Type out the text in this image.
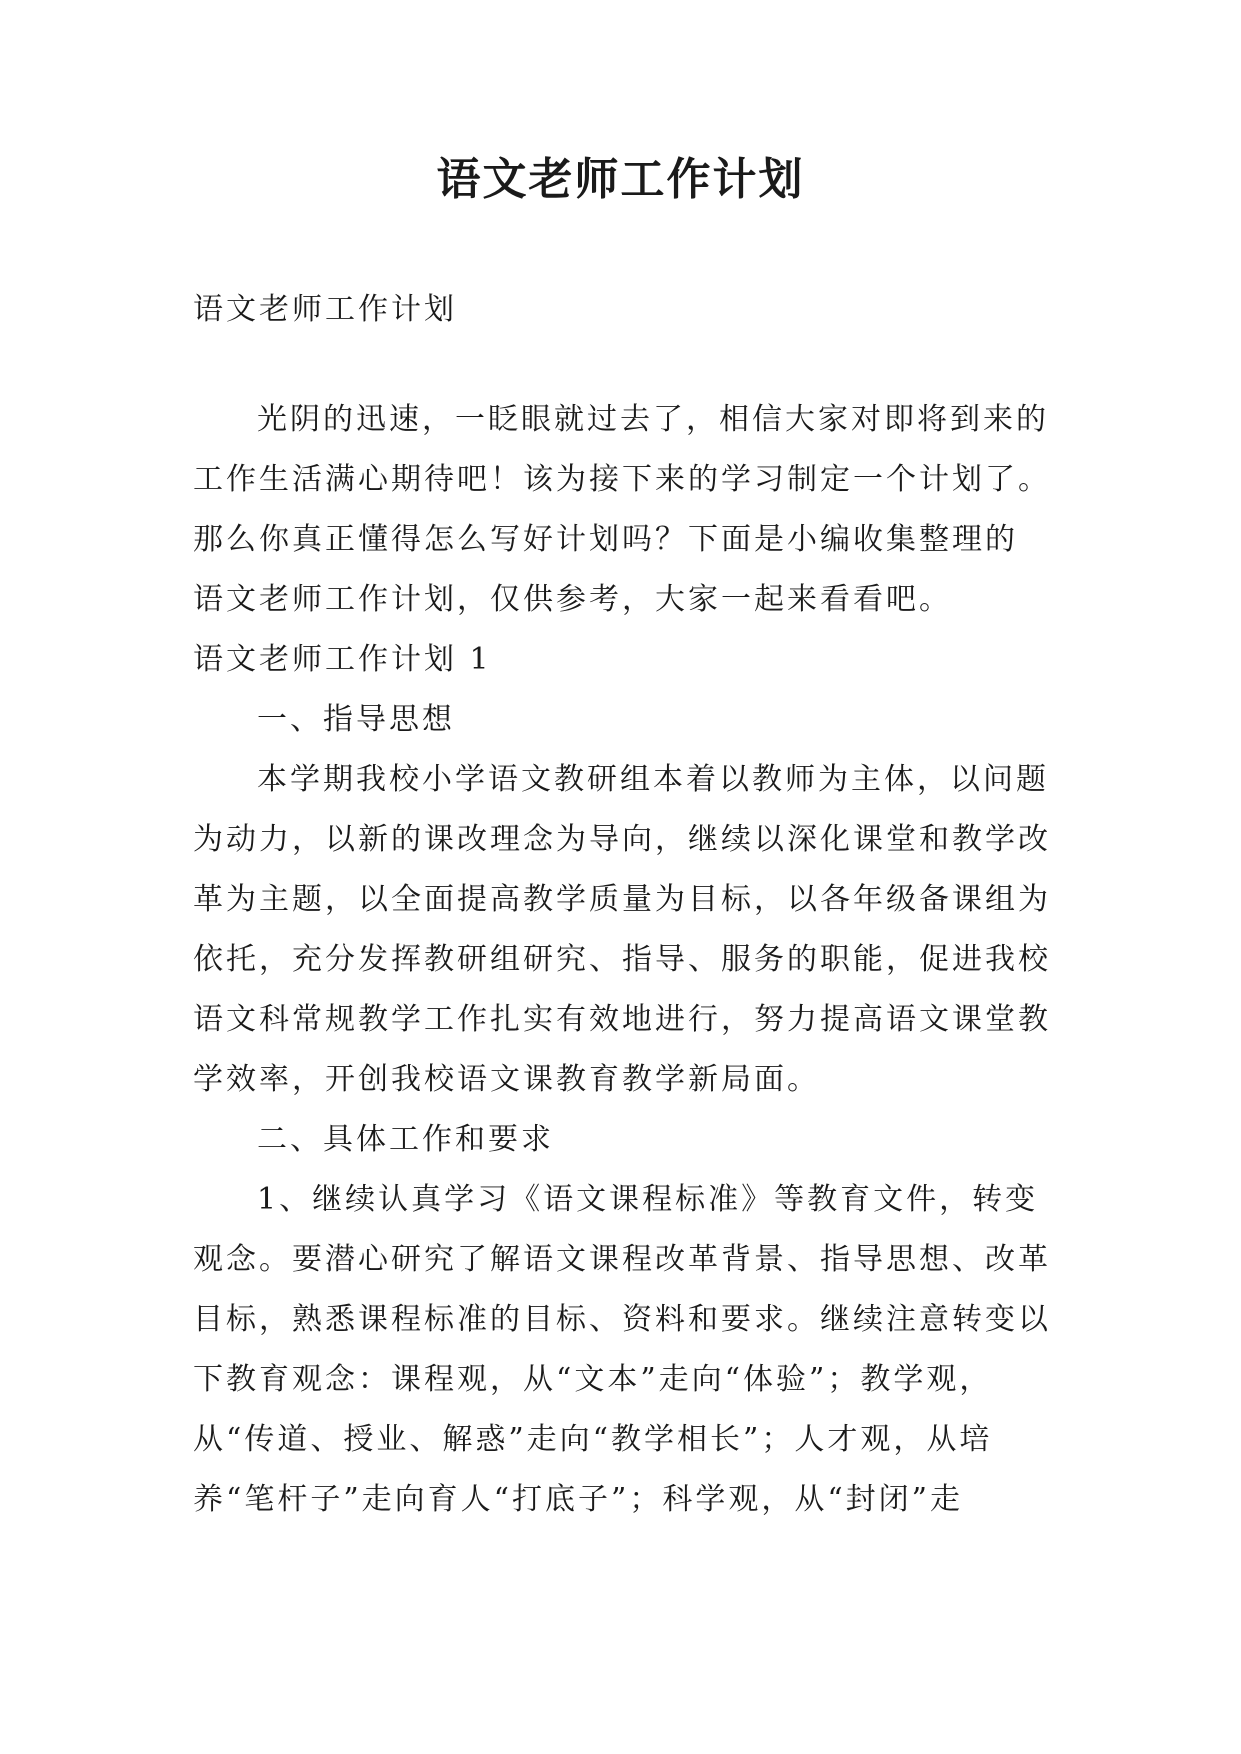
语文老师工作计划

语文老师工作计划

光阴的迅速，一眨眼就过去了，相信大家对即将到来的

工作生活满心期待吧！该为接下来的学习制定一个计划了。

那么你真正懂得怎么写好计划吗？下面是小编收集整理的

语文老师工作计划，仅供参考，大家一起来看看吧。

语文老师工作计划 1

一、指导思想

本学期我校小学语文教研组本着以教师为主体，以问题

为动力，以新的课改理念为导向，继续以深化课堂和教学改

革为主题，以全面提高教学质量为目标，以各年级备课组为

依托，充分发挥教研组研究、指导、服务的职能，促进我校

语文科常规教学工作扎实有效地进行，努力提高语文课堂教

学效率，开创我校语文课教育教学新局面。

二、具体工作和要求

1、继续认真学习《语文课程标准》等教育文件，转变

观念。要潜心研究了解语文课程改革背景、指导思想、改革

目标，熟悉课程标准的目标、资料和要求。继续注意转变以

下教育观念：课程观，从“文本”走向“体验”；教学观，

从“传道、授业、解惑”走向“教学相长”；人才观，从培

养“笔杆子”走向育人“打底子”；科学观，从“封闭”走
